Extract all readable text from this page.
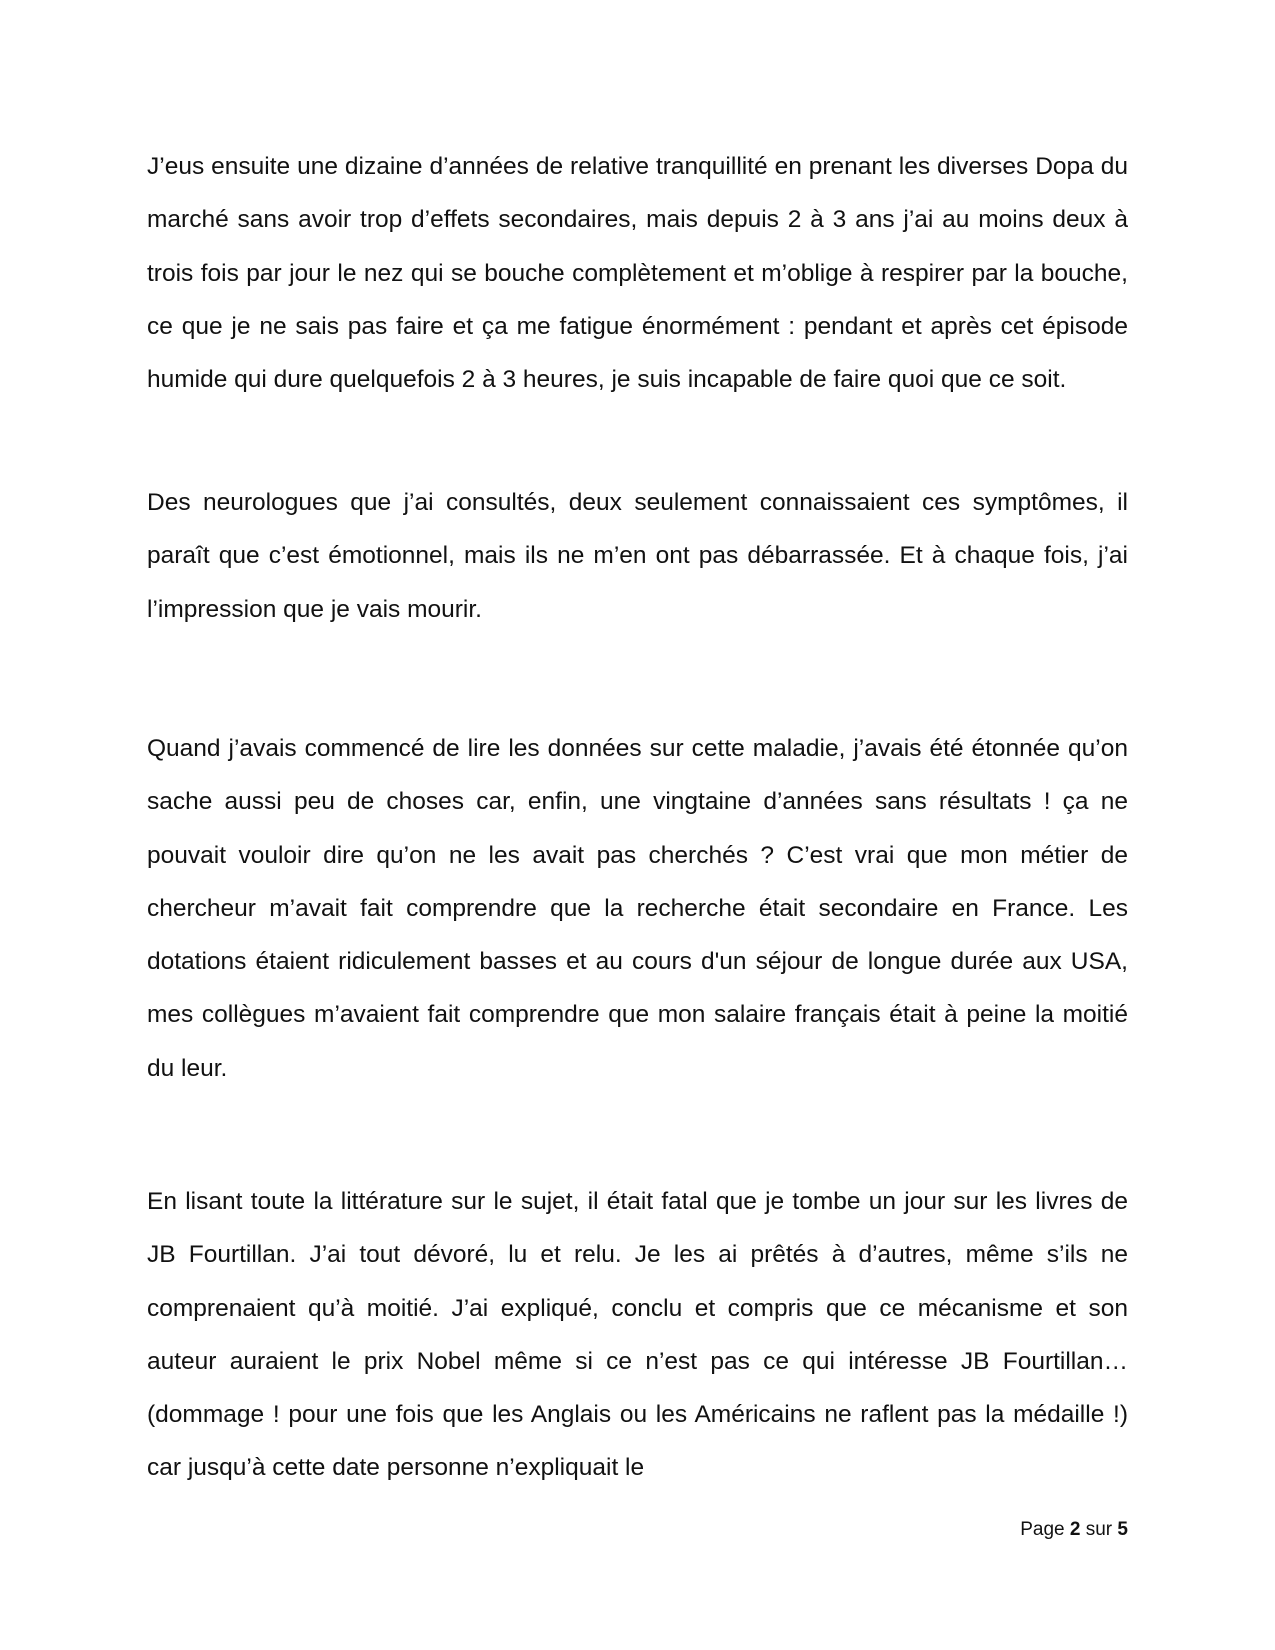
J’eus ensuite une dizaine d’années de relative tranquillité en prenant les diverses Dopa du marché sans avoir trop d’effets secondaires, mais depuis 2 à 3 ans j’ai au moins deux à trois fois par jour le nez qui se bouche complètement et m’oblige à respirer par la bouche, ce que je ne sais pas faire et ça me fatigue énormément : pendant et après cet épisode humide qui dure quelquefois 2 à 3 heures, je suis incapable de faire quoi que ce soit.

Des neurologues que j’ai consultés, deux seulement connaissaient ces symptômes, il paraît que c’est émotionnel, mais ils ne m’en ont pas débarrassée. Et à chaque fois, j’ai l’impression que je vais mourir.

Quand j’avais commencé de lire les données sur cette maladie, j’avais été étonnée qu’on sache aussi peu de choses car, enfin, une vingtaine d’années sans résultats ! ça ne pouvait vouloir dire qu’on ne les avait pas cherchés ? C’est vrai que mon métier de chercheur m’avait fait comprendre que la recherche était secondaire en France. Les dotations étaient ridiculement basses et au cours d'un séjour de longue durée aux USA, mes collègues m’avaient fait comprendre que mon salaire français était à peine la moitié du leur.

En lisant toute la littérature sur le sujet, il était fatal que je tombe un jour sur les livres de JB Fourtillan. J’ai tout dévoré, lu et relu. Je les ai prêtés à d’autres, même s’ils ne comprenaient qu’à moitié. J’ai expliqué, conclu et compris que ce mécanisme et son auteur auraient le prix Nobel même si ce n’est pas ce qui intéresse JB Fourtillan… (dommage ! pour une fois que les Anglais ou les Américains ne raflent pas la médaille !) car jusqu’à cette date personne n’expliquait le

Page 2 sur 5
